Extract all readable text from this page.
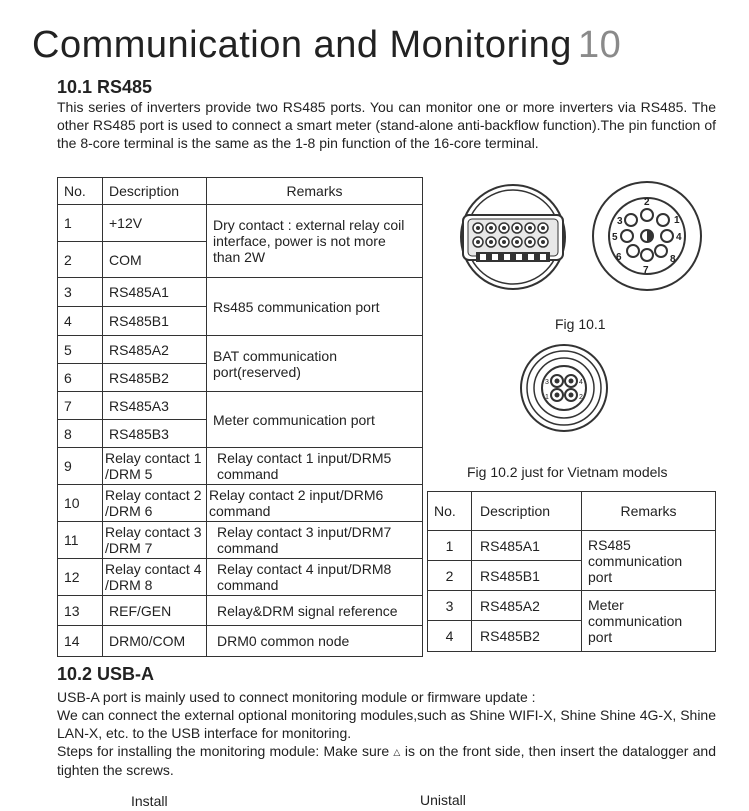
Communication and Monitoring 10
10.1 RS485

This series of inverters provide two RS485 ports. You can monitor one or more inverters via RS485. The other RS485 port is used to connect a smart meter (stand-alone anti-backflow function).The pin function of the 8-core terminal is the same as the 1-8 pin function of the 16-core terminal.

No.	Description	Remarks
1	+12V	Dry contact : external relay coil interface, power is not more than 2W
2	COM	
3	RS485A1	Rs485 communication port
4	RS485B1	
5	RS485A2	BAT communication port(reserved)
6	RS485B2	
7	RS485A3	Meter communication port
8	RS485B3	
9	Relay contact 1 /DRM 5	Relay contact 1 input/DRM5 command
10	Relay contact 2 /DRM 6	Relay contact 2 input/DRM6 command
11	Relay contact 3 /DRM 7	Relay contact 3 input/DRM7 command
12	Relay contact 4 /DRM 8	Relay contact 4 input/DRM8 command
13	REF/GEN	Relay&DRM signal reference
14	DRM0/COM	DRM0 common node
2
3	1
5	4
7
6	8
Fig 10.1
4
2
3
1
Fig 10.2 just for Vietnam models
No.	Description	Remarks
1	RS485A1	RS485 communication port
2	RS485B1	
3	RS485A2	Meter communication port
4	RS485B2	
10.2 USB-A

USB-A port is mainly used to connect monitoring module or firmware update :

We can connect the external optional monitoring modules,such as Shine WIFI-X, Shine Shine 4G-X, Shine LAN-X, etc. to the USB interface for monitoring.

Steps for installing the monitoring module: Make sure △ is on the front side, then insert the datalogger and tighten the screws.

Install	Unistall
